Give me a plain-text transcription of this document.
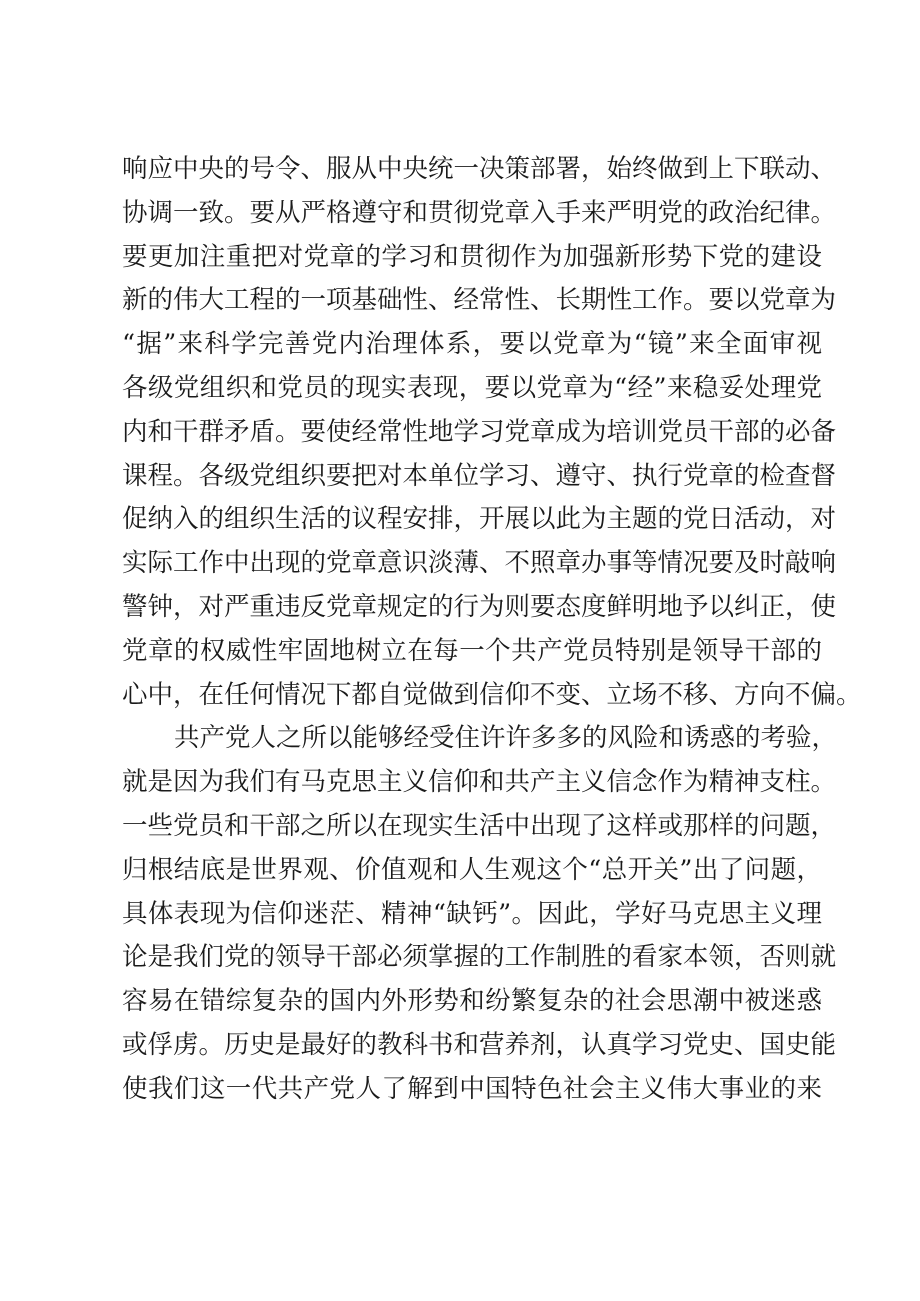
响应中央的号令、服从中央统一决策部署，始终做到上下联动、
协调一致。要从严格遵守和贯彻党章入手来严明党的政治纪律。
要更加注重把对党章的学习和贯彻作为加强新形势下党的建设
新的伟大工程的一项基础性、经常性、长期性工作。要以党章为
“据”来科学完善党内治理体系，要以党章为“镜”来全面审视
各级党组织和党员的现实表现，要以党章为“经”来稳妥处理党
内和干群矛盾。要使经常性地学习党章成为培训党员干部的必备
课程。各级党组织要把对本单位学习、遵守、执行党章的检查督
促纳入的组织生活的议程安排，开展以此为主题的党日活动，对
实际工作中出现的党章意识淡薄、不照章办事等情况要及时敲响
警钟，对严重违反党章规定的行为则要态度鲜明地予以纠正，使
党章的权威性牢固地树立在每一个共产党员特别是领导干部的
心中，在任何情况下都自觉做到信仰不变、立场不移、方向不偏。
共产党人之所以能够经受住许许多多的风险和诱惑的考验，
就是因为我们有马克思主义信仰和共产主义信念作为精神支柱。
一些党员和干部之所以在现实生活中出现了这样或那样的问题，
归根结底是世界观、价值观和人生观这个“总开关”出了问题，
具体表现为信仰迷茫、精神“缺钙”。因此，学好马克思主义理
论是我们党的领导干部必须掌握的工作制胜的看家本领，否则就
容易在错综复杂的国内外形势和纷繁复杂的社会思潮中被迷惑
或俘虏。历史是最好的教科书和营养剂，认真学习党史、国史能
使我们这一代共产党人了解到中国特色社会主义伟大事业的来
